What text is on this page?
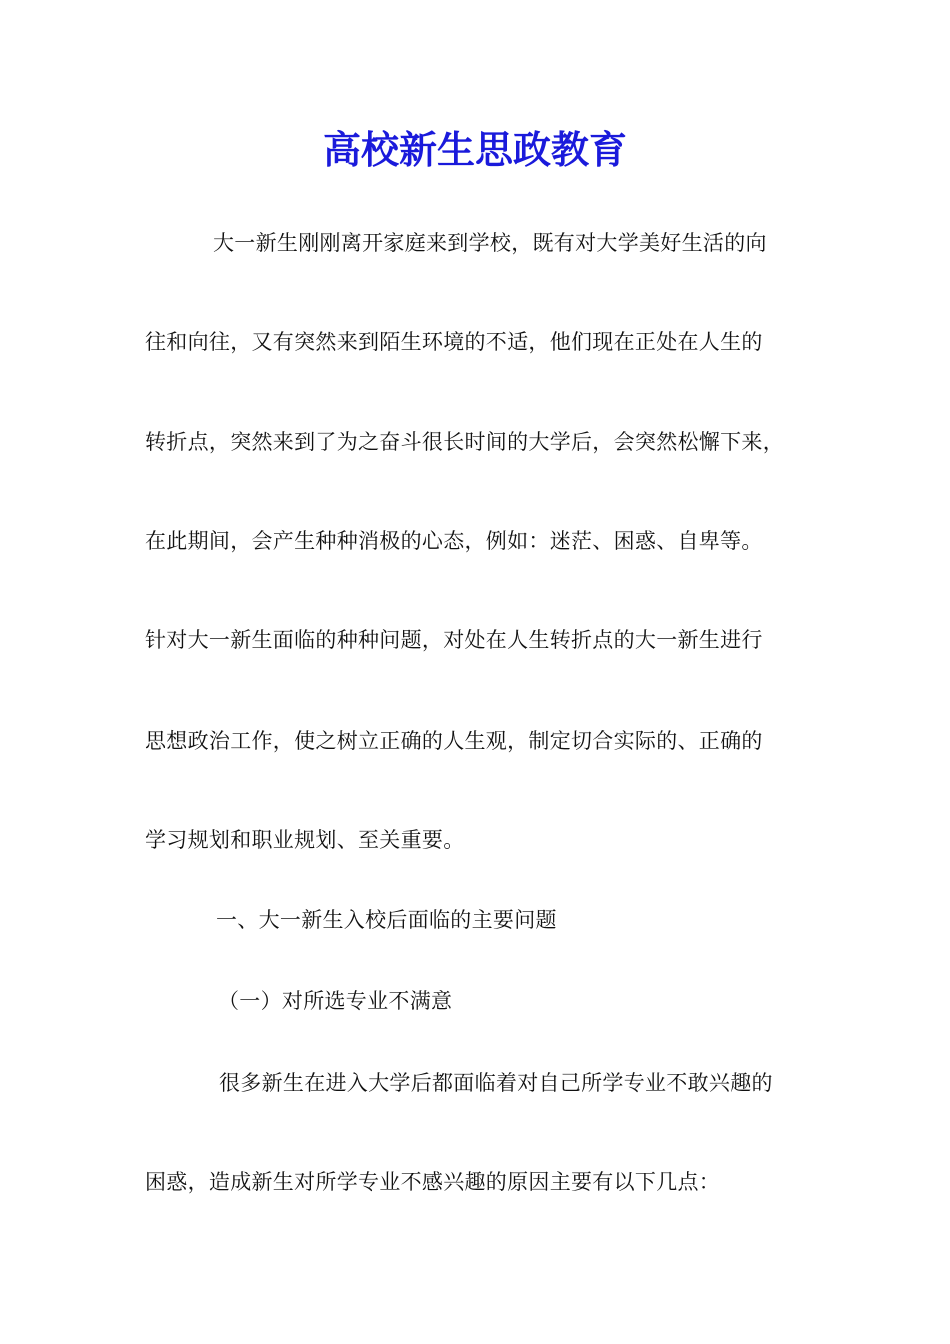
高校新生思政教育

大一新生刚刚离开家庭来到学校，既有对大学美好生活的向

往和向往，又有突然来到陌生环境的不适，他们现在正处在人生的

转折点，突然来到了为之奋斗很长时间的大学后，会突然松懈下来，

在此期间，会产生种种消极的心态，例如：迷茫、困惑、自卑等。

针对大一新生面临的种种问题，对处在人生转折点的大一新生进行

思想政治工作，使之树立正确的人生观，制定切合实际的、正确的

学习规划和职业规划、至关重要。

一、大一新生入校后面临的主要问题

（一）对所选专业不满意

很多新生在进入大学后都面临着对自己所学专业不敢兴趣的

困惑，造成新生对所学专业不感兴趣的原因主要有以下几点：
